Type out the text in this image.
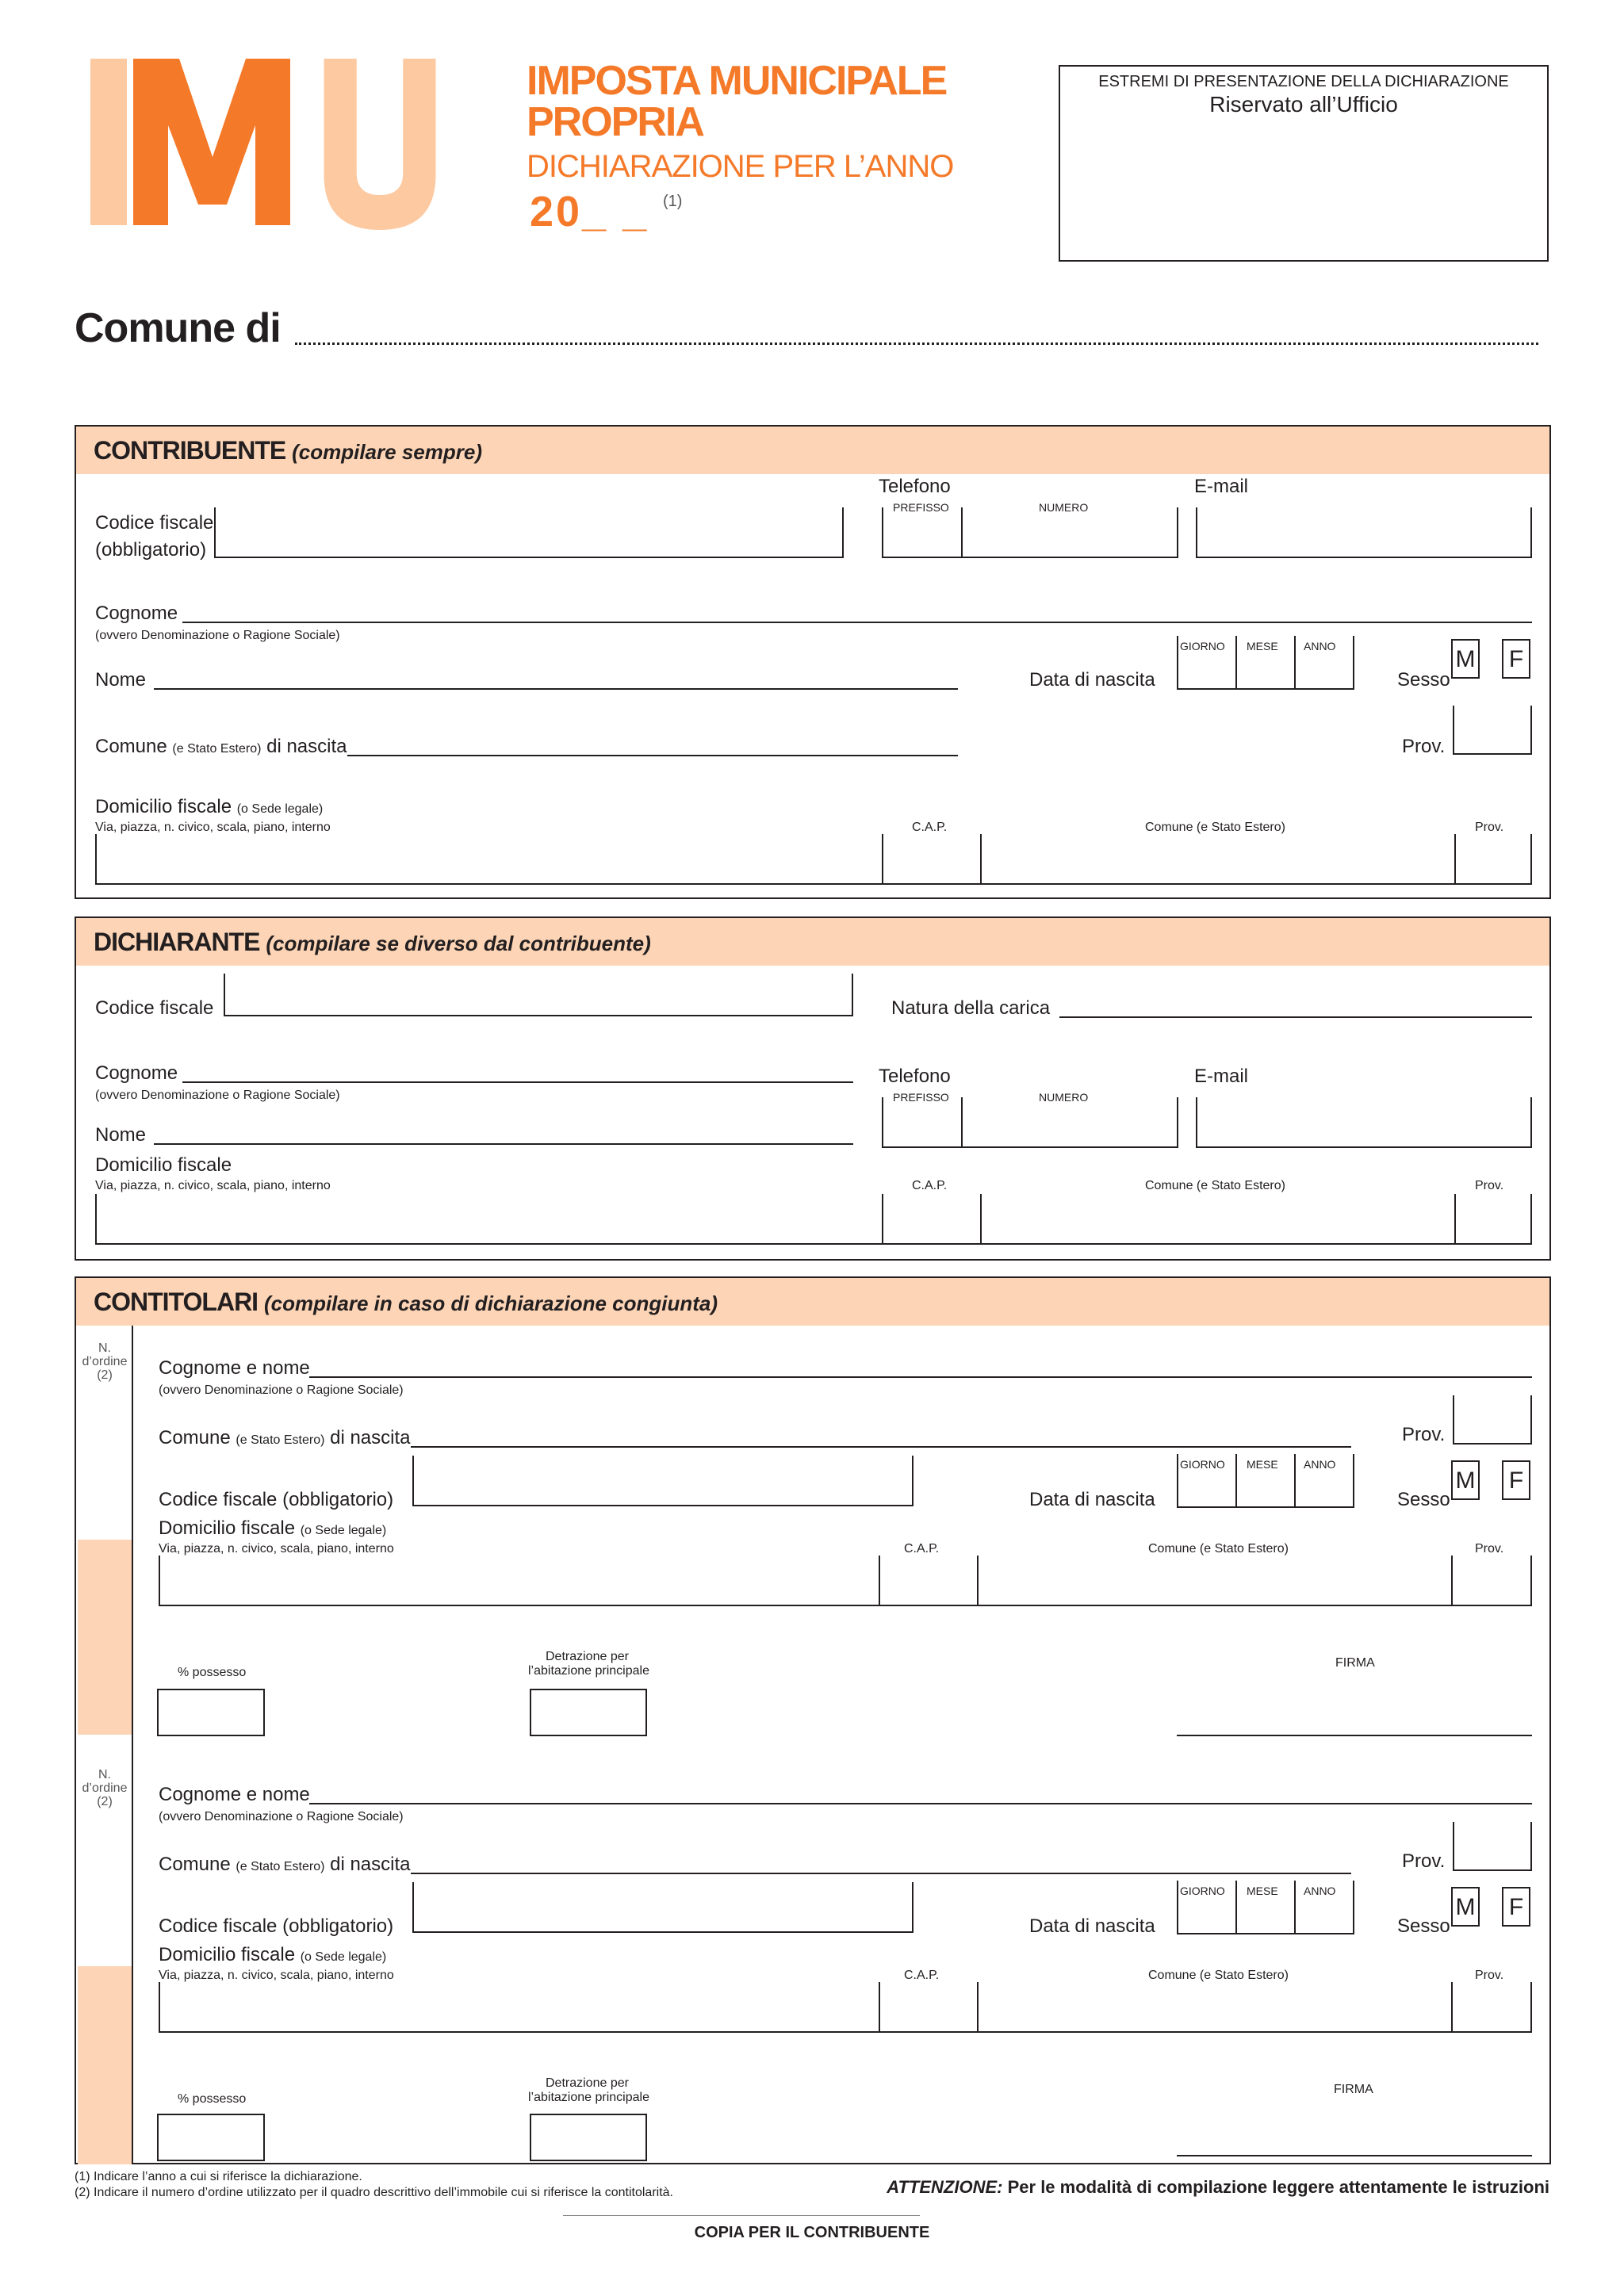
IMPOSTA MUNICIPALE
PROPRIA
DICHIARAZIONE PER L’ANNO
20_ _ (1)
ESTREMI DI PRESENTAZIONE DELLA DICHIARAZIONE
Riservato all’Ufficio
Comune di
CONTRIBUENTE (compilare sempre)
Codice fiscale
(obbligatorio)
Telefono
PREFISSO	NUMERO
E-mail
Cognome
(ovvero Denominazione o Ragione Sociale)
Nome	Data di nascita
GIORNO MESE ANNO
Sesso
M F
Comune (e Stato Estero) di nascita	Prov.
Domicilio fiscale (o Sede legale)
Via, piazza, n. civico, scala, piano, interno	C.A.P.	Comune (e Stato Estero)	Prov.
DICHIARANTE (compilare se diverso dal contribuente)
Codice fiscale	Natura della carica
Cognome
(ovvero Denominazione o Ragione Sociale)
Telefono
PREFISSO	NUMERO
E-mail
Nome
Domicilio fiscale
Via, piazza, n. civico, scala, piano, interno	C.A.P.	Comune (e Stato Estero)	Prov.
CONTITOLARI (compilare in caso di dichiarazione congiunta)
N.
d’ordine
(2)	Cognome e nome
(ovvero Denominazione o Ragione Sociale)
Comune (e Stato Estero) di nascita	Prov.
Codice fiscale (obbligatorio)	Data di nascita
GIORNO MESE ANNO
Sesso
M F
Domicilio fiscale (o Sede legale)
Via, piazza, n. civico, scala, piano, interno	C.A.P.	Comune (e Stato Estero)	Prov.
% possesso
Detrazione per
l’abitazione principale
FIRMA
N.
d’ordine
(2)	Cognome e nome
(ovvero Denominazione o Ragione Sociale)
Comune (e Stato Estero) di nascita	Prov.
Codice fiscale (obbligatorio)	Data di nascita
GIORNO MESE ANNO
Sesso
M F
Domicilio fiscale (o Sede legale)
Via, piazza, n. civico, scala, piano, interno	C.A.P.	Comune (e Stato Estero)	Prov.
% possesso
Detrazione per
l’abitazione principale
FIRMA
(1) Indicare l’anno a cui si riferisce la dichiarazione.
(2) Indicare il numero d’ordine utilizzato per il quadro descrittivo dell’immobile cui si riferisce la contitolarità.	ATTENZIONE: Per le modalità di compilazione leggere attentamente le istruzioni
COPIA PER IL CONTRIBUENTE
